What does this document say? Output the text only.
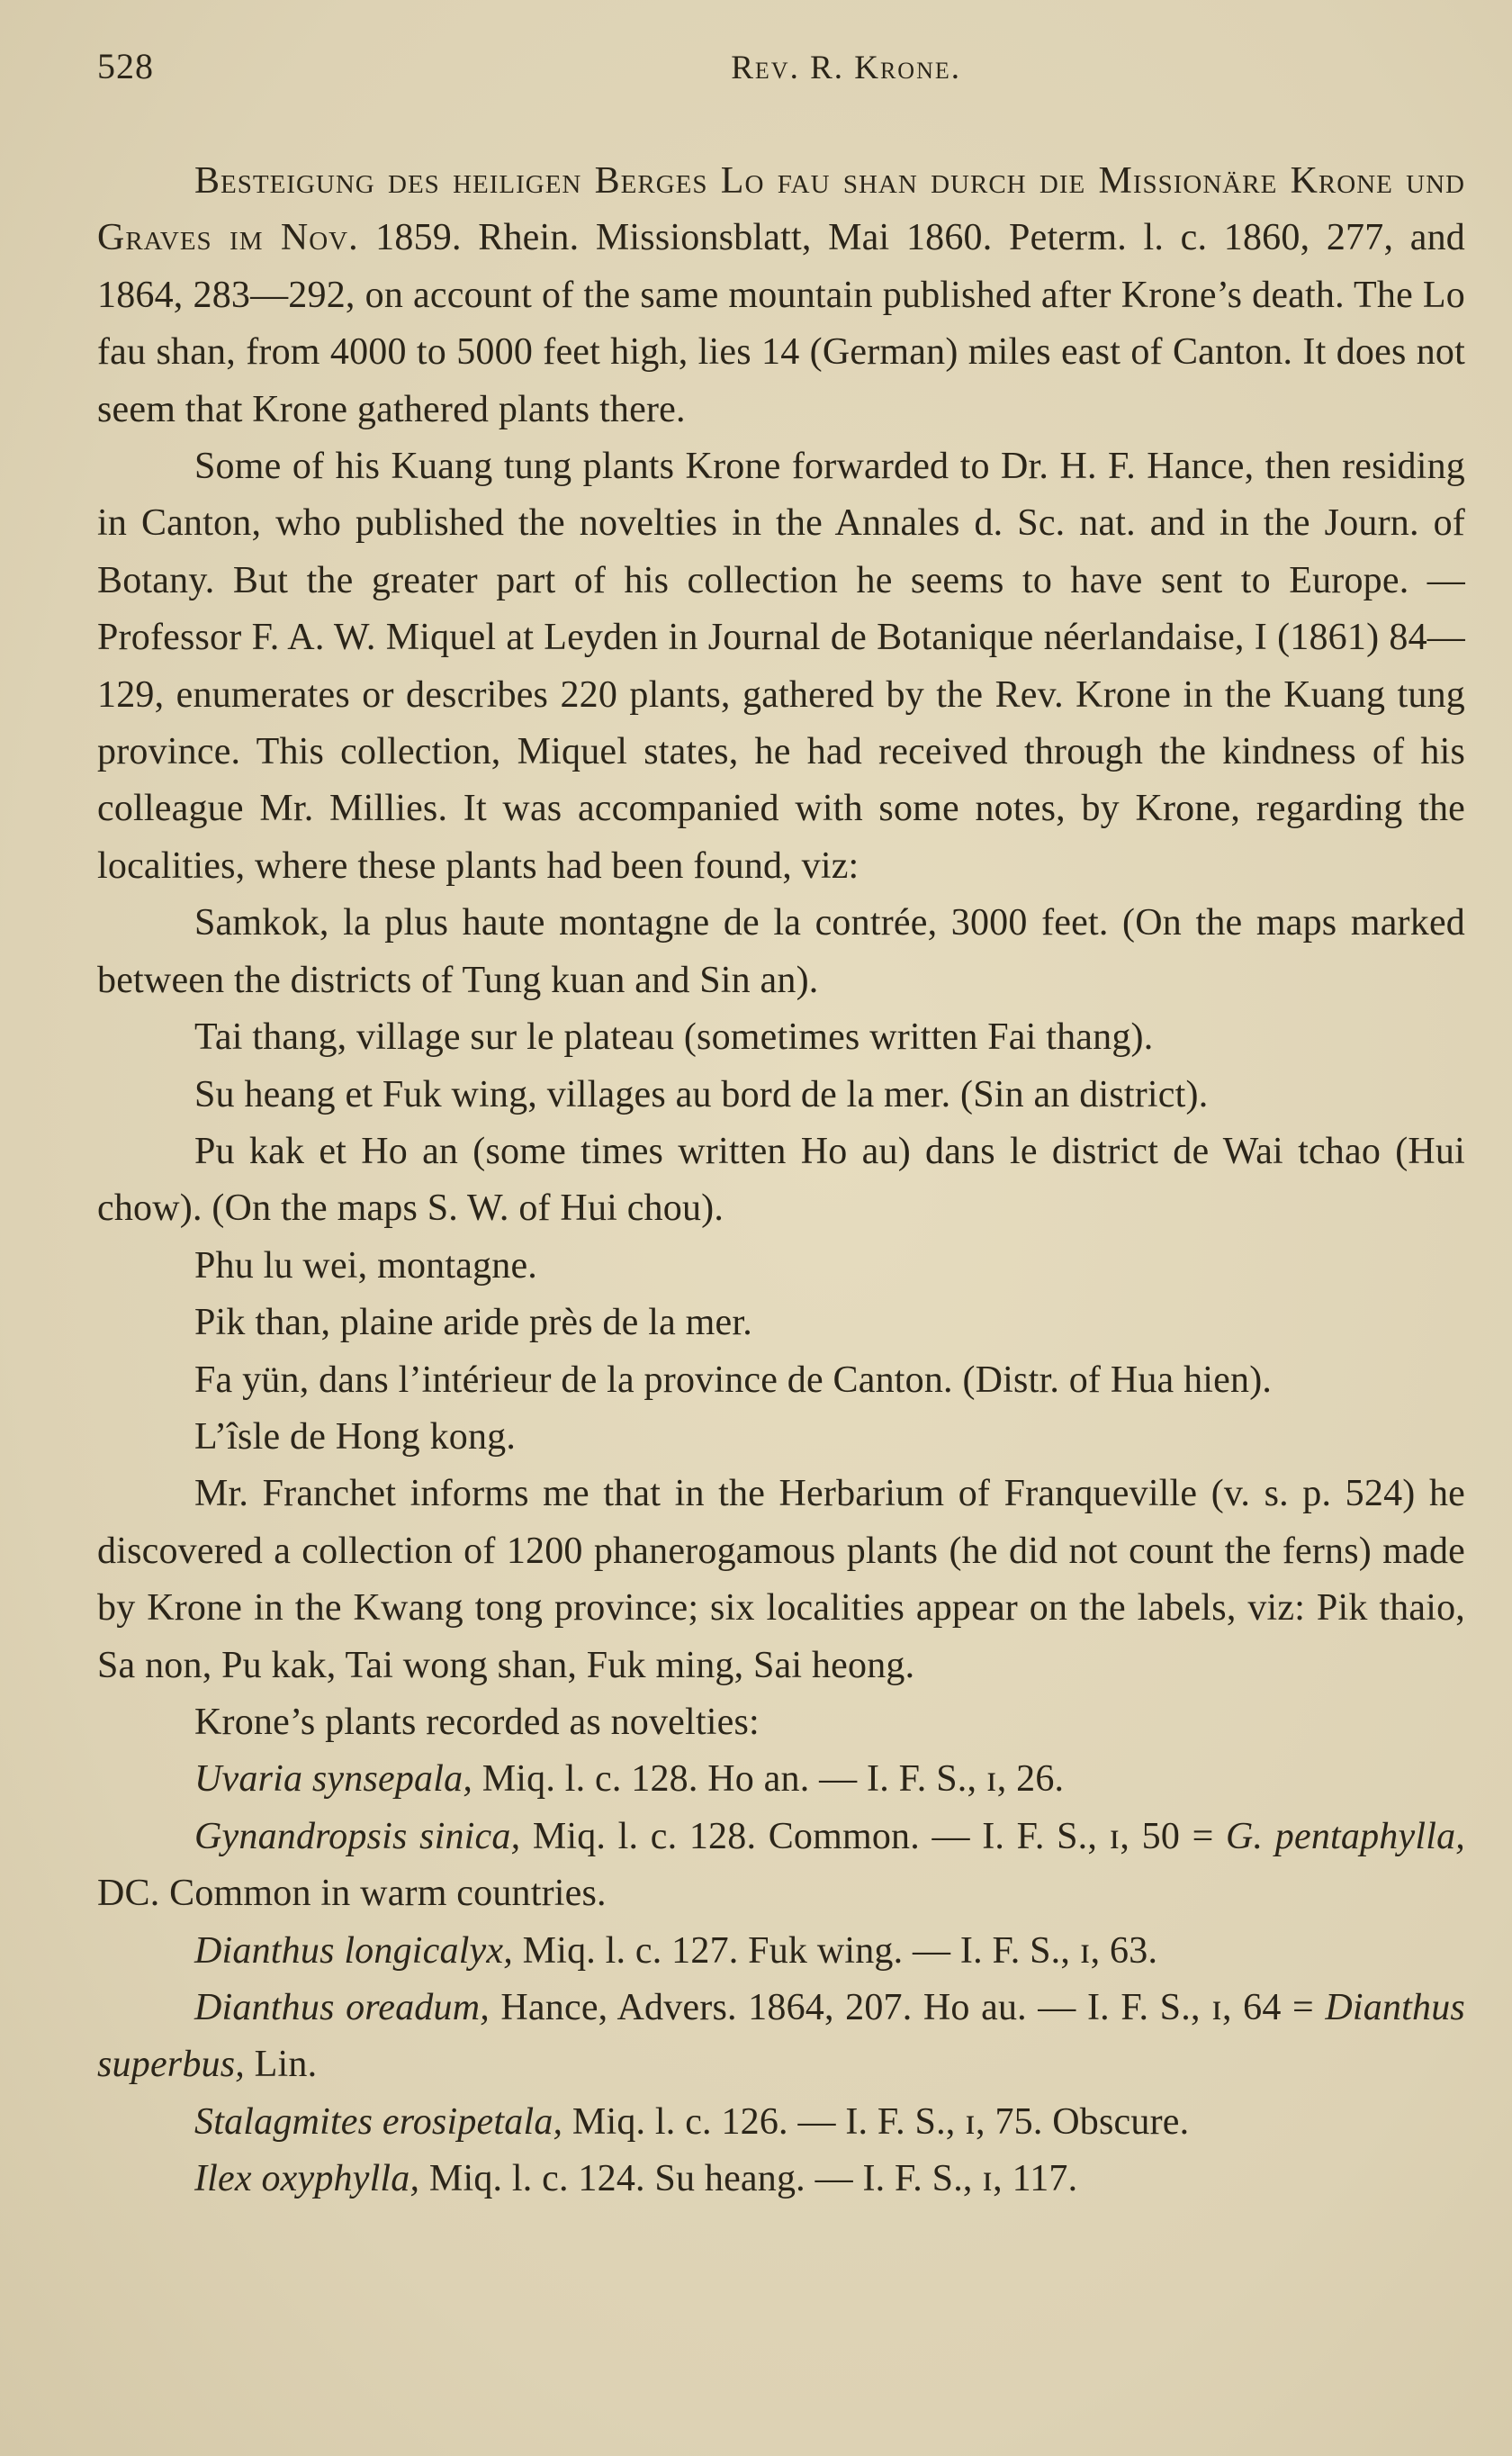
528	Rev. R. Krone.

Besteigung des heiligen Berges Lo fau shan durch die Missionäre Krone und Graves im Nov. 1859. Rhein. Missionsblatt, Mai 1860. Peterm. l. c. 1860, 277, and 1864, 283—292, on account of the same mountain published after Krone’s death. The Lo fau shan, from 4000 to 5000 feet high, lies 14 (German) miles east of Canton. It does not seem that Krone gathered plants there.

Some of his Kuang tung plants Krone forwarded to Dr. H. F. Hance, then residing in Canton, who published the novelties in the Annales d. Sc. nat. and in the Journ. of Botany. But the greater part of his collection he seems to have sent to Europe. — Professor F. A. W. Miquel at Leyden in Journal de Botanique néerlandaise, I (1861) 84—129, enumerates or describes 220 plants, gathered by the Rev. Krone in the Kuang tung province. This collection, Miquel states, he had received through the kindness of his colleague Mr. Millies. It was accompanied with some notes, by Krone, regarding the localities, where these plants had been found, viz:

Samkok, la plus haute montagne de la contrée, 3000 feet. (On the maps marked between the districts of Tung kuan and Sin an).

Tai thang, village sur le plateau (sometimes written Fai thang).

Su heang et Fuk wing, villages au bord de la mer. (Sin an district).

Pu kak et Ho an (some times written Ho au) dans le district de Wai tchao (Hui chow). (On the maps S. W. of Hui chou).

Phu lu wei, montagne.

Pik than, plaine aride près de la mer.

Fa yün, dans l’intérieur de la province de Canton. (Distr. of Hua hien).

L’îsle de Hong kong.

Mr. Franchet informs me that in the Herbarium of Franqueville (v. s. p. 524) he discovered a collection of 1200 phanerogamous plants (he did not count the ferns) made by Krone in the Kwang tong province; six localities appear on the labels, viz: Pik thaio, Sa non, Pu kak, Tai wong shan, Fuk ming, Sai heong.

Krone’s plants recorded as novelties:

Uvaria synsepala, Miq. l. c. 128. Ho an. — I. F. S., ɪ, 26.

Gynandropsis sinica, Miq. l. c. 128. Common. — I. F. S., ɪ, 50 = G. pentaphylla, DC. Common in warm countries.

Dianthus longicalyx, Miq. l. c. 127. Fuk wing. — I. F. S., ɪ, 63.

Dianthus oreadum, Hance, Advers. 1864, 207. Ho au. — I. F. S., ɪ, 64 = Dianthus superbus, Lin.

Stalagmites erosipetala, Miq. l. c. 126. — I. F. S., ɪ, 75. Obscure.

Ilex oxyphylla, Miq. l. c. 124. Su heang. — I. F. S., ɪ, 117.
